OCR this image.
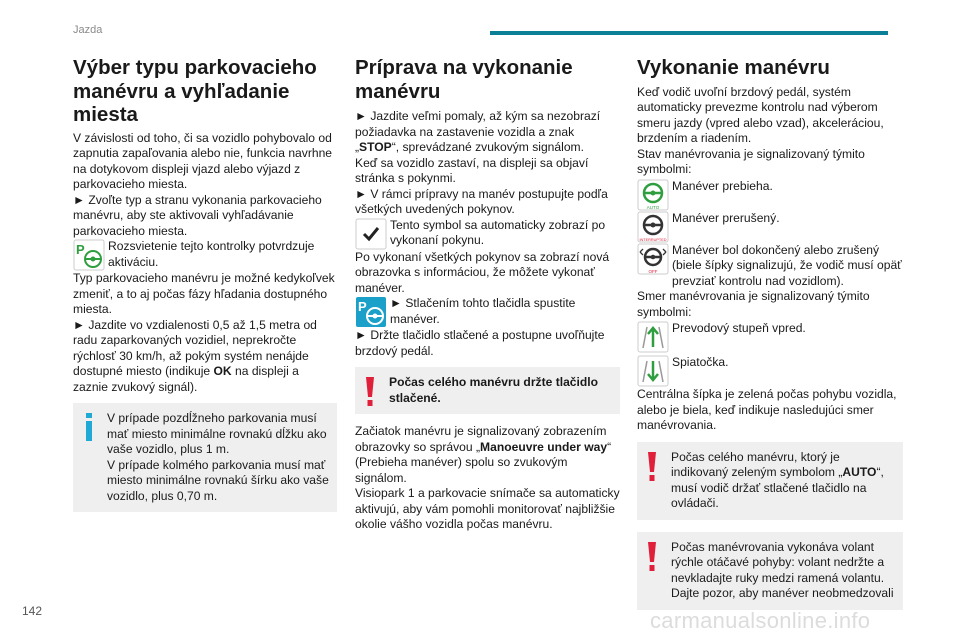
Jazda
Výber typu parkovacieho manévru a vyhľadanie miesta

V závislosti od toho, či sa vozidlo pohybovalo od zapnutia zapaľovania alebo nie, funkcia navrhne na dotykovom displeji vjazd alebo výjazd z parkovacieho miesta.

► Zvoľte typ a stranu vykonania parkovacieho manévru, aby ste aktivovali vyhľadávanie parkovacieho miesta.

P Rozsvietenie tejto kontrolky potvrdzuje aktiváciu.

Typ parkovacieho manévru je možné kedykoľvek zmeniť, a to aj počas fázy hľadania dostupného miesta.

► Jazdite vo vzdialenosti 0,5 až 1,5 metra od radu zaparkovaných vozidiel, neprekročte rýchlosť 30 km/h, až pokým systém nenájde dostupné miesto (indikuje OK na displeji a zaznie zvukový signál).

V prípade pozdĺžneho parkovania musí mať miesto minimálne rovnakú dĺžku ako vaše vozidlo, plus 1 m.

V prípade kolmého parkovania musí mať miesto minimálne rovnakú šírku ako vaše vozidlo, plus 0,70 m.

Príprava na vykonanie manévru

► Jazdite veľmi pomaly, až kým sa nezobrazí požiadavka na zastavenie vozidla a znak „STOP“, sprevádzané zvukovým signálom.

Keď sa vozidlo zastaví, na displeji sa objaví stránka s pokynmi.

► V rámci prípravy na manév postupujte podľa všetkých uvedených pokynov.

Tento symbol sa automaticky zobrazí po vykonaní pokynu.

Po vykonaní všetkých pokynov sa zobrazí nová obrazovka s informáciou, že môžete vykonať manéver.

P ► Stlačením tohto tlačidla spustite manéver.

► Držte tlačidlo stlačené a postupne uvoľňujte brzdový pedál.

Počas celého manévru držte tlačidlo stlačené.

Začiatok manévru je signalizovaný zobrazením obrazovky so správou „Manoeuvre under way“ (Prebieha manéver) spolu so zvukovým signálom.

Visiopark 1 a parkovacie snímače sa automaticky aktivujú, aby vám pomohli monitorovať najbližšie okolie vášho vozidla počas manévru.

Vykonanie manévru

Keď vodič uvoľní brzdový pedál, systém automaticky prevezme kontrolu nad výberom smeru jazdy (vpred alebo vzad), akceleráciou, brzdením a riadením.

Stav manévrovania je signalizovaný týmito symbolmi:

AUTO
Manéver prebieha.
INTERRUPTED
Manéver prerušený.
OFF
Manéver bol dokončený alebo zrušený (biele šípky signalizujú, že vodič musí opäť prevziať kontrolu nad vozidlom).

Smer manévrovania je signalizovaný týmito symbolmi:

Prevodový stupeň vpred.
Spiatočka.

Centrálna šípka je zelená počas pohybu vozidla, alebo je biela, keď indikuje nasledujúci smer manévrovania.

Počas celého manévru, ktorý je indikovaný zeleným symbolom „AUTO“, musí vodič držať stlačené tlačidlo na ovládači.

Počas manévrovania vykonáva volant rýchle otáčavé pohyby: volant nedržte a nevkladajte ruky medzi ramená volantu.

Dajte pozor, aby manéver neobmedzovali

142	carmanualsonline.info
